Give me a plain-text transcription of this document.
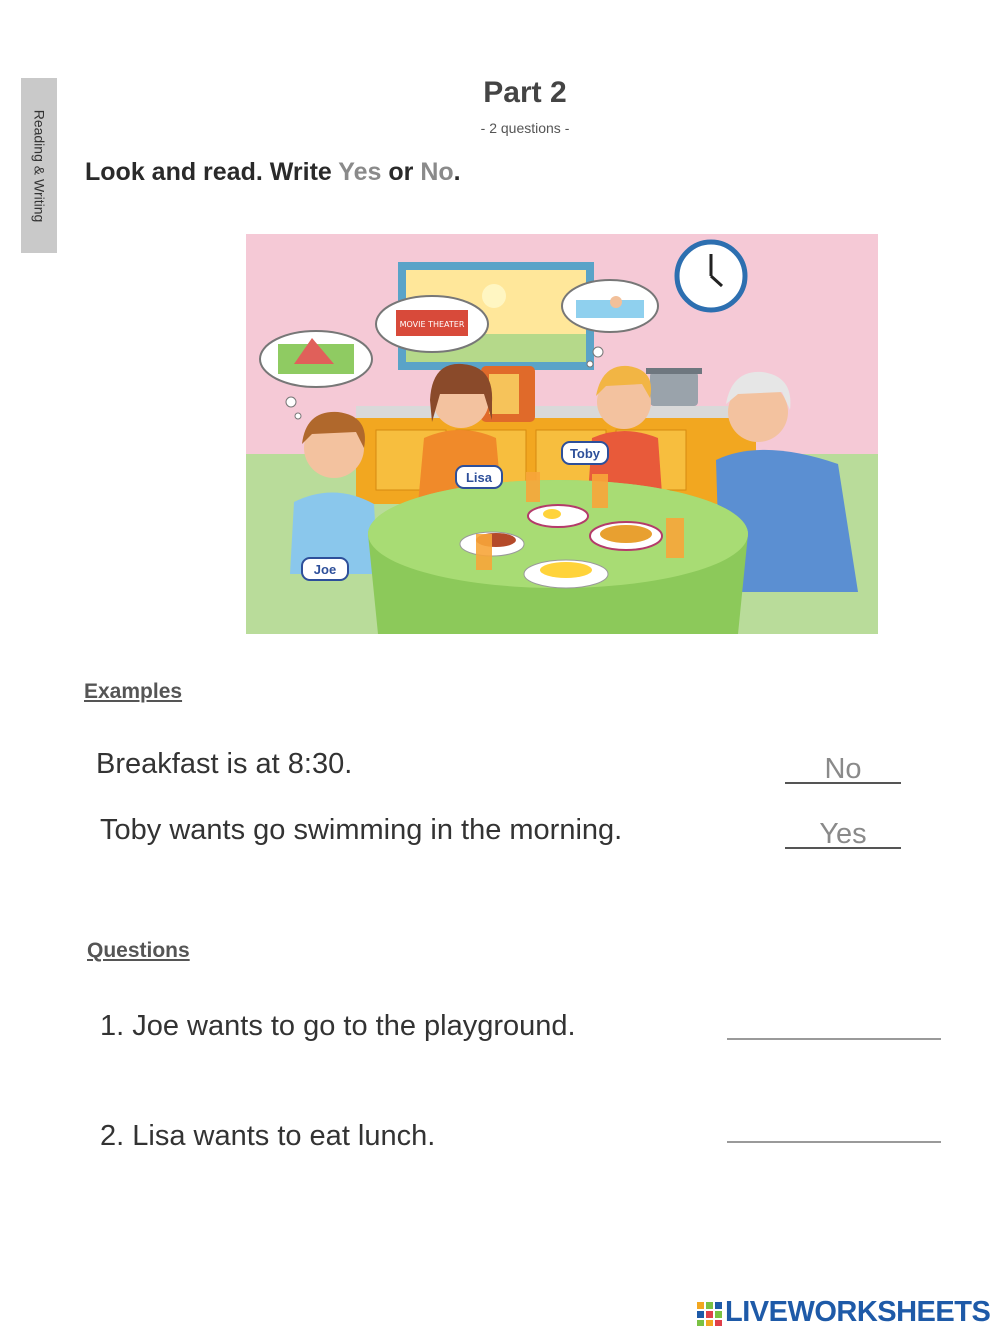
Reading & Writing
Part 2
- 2 questions -
Look and read. Write Yes or No.
MOVIE THEATER
Lisa
Toby
Joe
Examples
Breakfast is at 8:30.	No
Toby wants go swimming in the morning.	Yes
Questions
1. Joe wants to go to the playground.
2. Lisa wants to eat lunch.
LIVEWORKSHEETS
